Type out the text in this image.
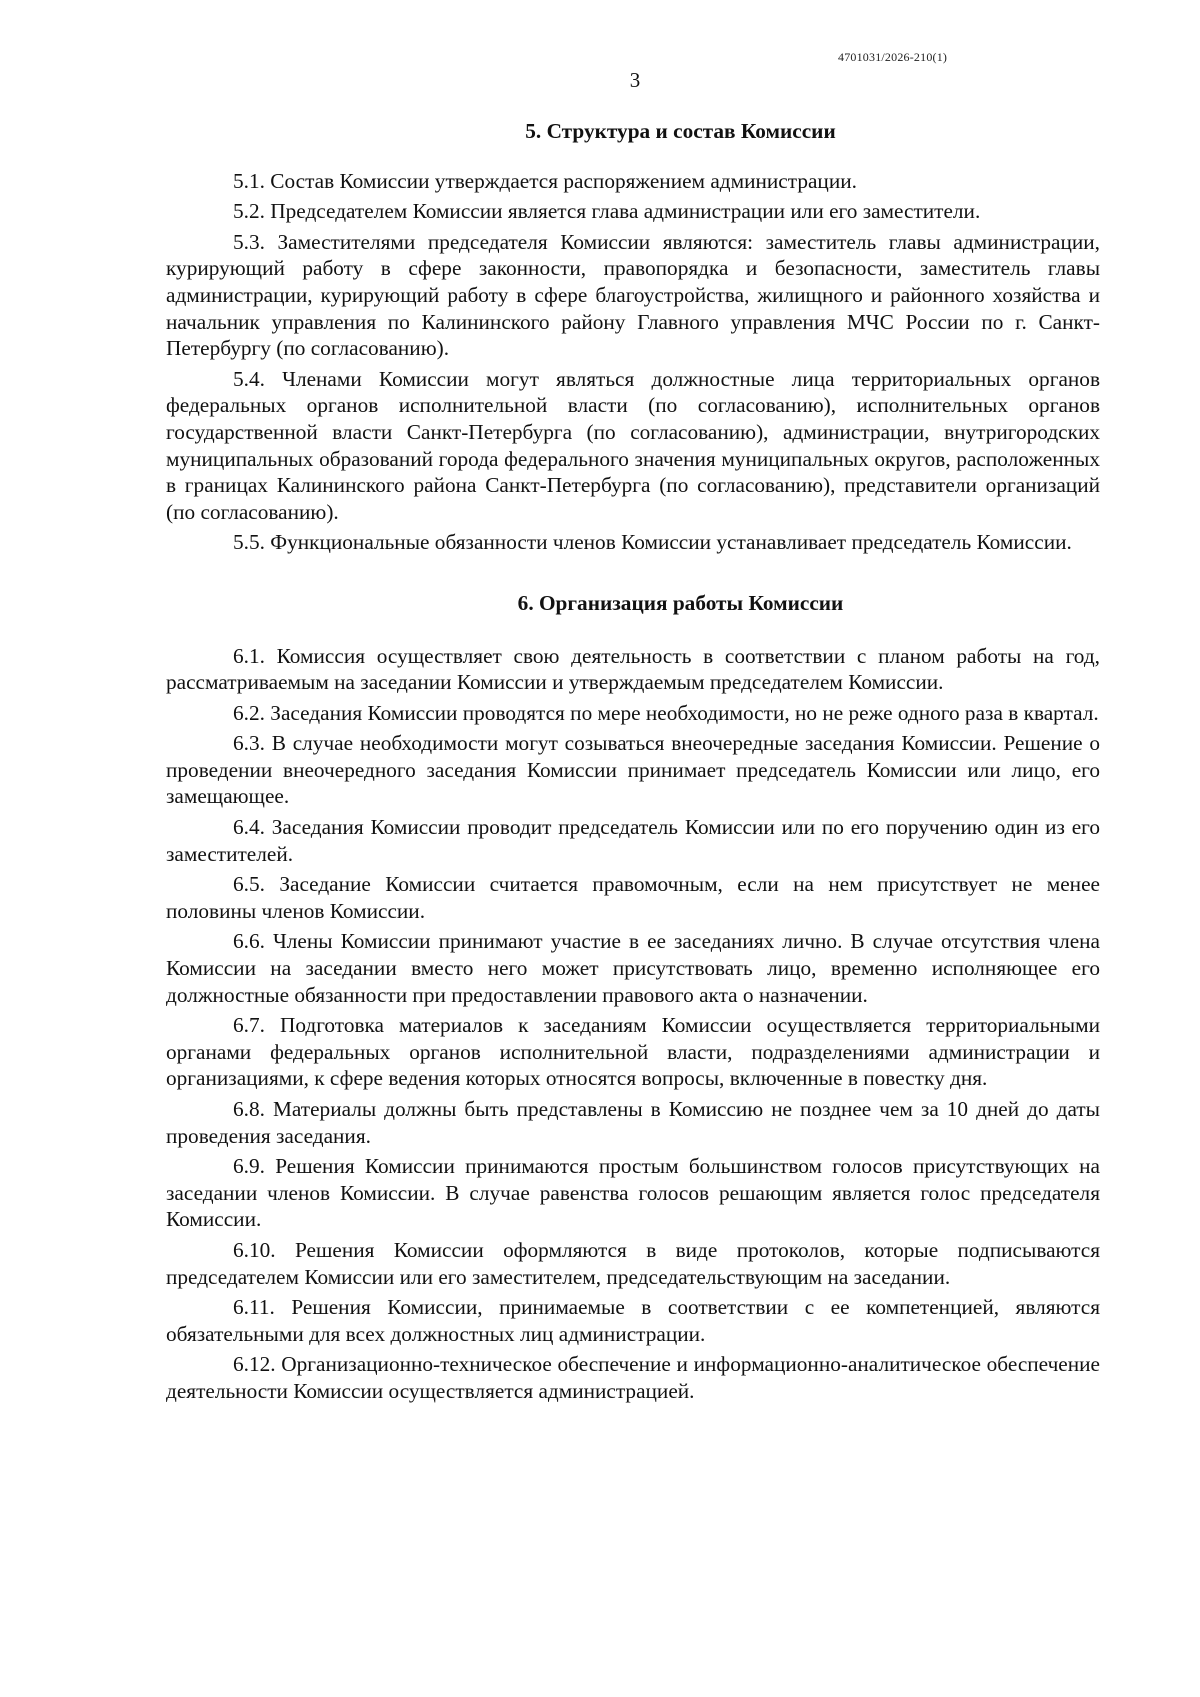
4701031/2026-210(1)
3
5. Структура и состав Комиссии

5.1. Состав Комиссии утверждается распоряжением администрации.

5.2. Председателем Комиссии является глава администрации или его заместители.

5.3. Заместителями председателя Комиссии являются: заместитель главы администрации, курирующий работу в сфере законности, правопорядка и безопасности, заместитель главы администрации, курирующий работу в сфере благоустройства, жилищного и районного хозяйства и начальник управления по Калининского району Главного управления МЧС России по г. Санкт-Петербургу (по согласованию).

5.4. Членами Комиссии могут являться должностные лица территориальных органов федеральных органов исполнительной власти (по согласованию), исполнительных органов государственной власти Санкт-Петербурга (по согласованию), администрации, внутригородских муниципальных образований города федерального значения муниципальных округов, расположенных в границах Калининского района Санкт-Петербурга (по согласованию), представители организаций (по согласованию).

5.5. Функциональные обязанности членов Комиссии устанавливает председатель Комиссии.

6. Организация работы Комиссии

6.1. Комиссия осуществляет свою деятельность в соответствии с планом работы на год, рассматриваемым на заседании Комиссии и утверждаемым председателем Комиссии.

6.2. Заседания Комиссии проводятся по мере необходимости, но не реже одного раза в квартал.

6.3. В случае необходимости могут созываться внеочередные заседания Комиссии. Решение о проведении внеочередного заседания Комиссии принимает председатель Комиссии или лицо, его замещающее.

6.4. Заседания Комиссии проводит председатель Комиссии или по его поручению один из его заместителей.

6.5. Заседание Комиссии считается правомочным, если на нем присутствует не менее половины членов Комиссии.

6.6. Члены Комиссии принимают участие в ее заседаниях лично. В случае отсутствия члена Комиссии на заседании вместо него может присутствовать лицо, временно исполняющее его должностные обязанности при предоставлении правового акта о назначении.

6.7. Подготовка материалов к заседаниям Комиссии осуществляется территориальными органами федеральных органов исполнительной власти, подразделениями администрации и организациями, к сфере ведения которых относятся вопросы, включенные в повестку дня.

6.8. Материалы должны быть представлены в Комиссию не позднее чем за 10 дней до даты проведения заседания.

6.9. Решения Комиссии принимаются простым большинством голосов присутствующих на заседании членов Комиссии. В случае равенства голосов решающим является голос председателя Комиссии.

6.10. Решения Комиссии оформляются в виде протоколов, которые подписываются председателем Комиссии или его заместителем, председательствующим на заседании.

6.11. Решения Комиссии, принимаемые в соответствии с ее компетенцией, являются обязательными для всех должностных лиц администрации.

6.12. Организационно-техническое обеспечение и информационно-аналитическое обеспечение деятельности Комиссии осуществляется администрацией.
